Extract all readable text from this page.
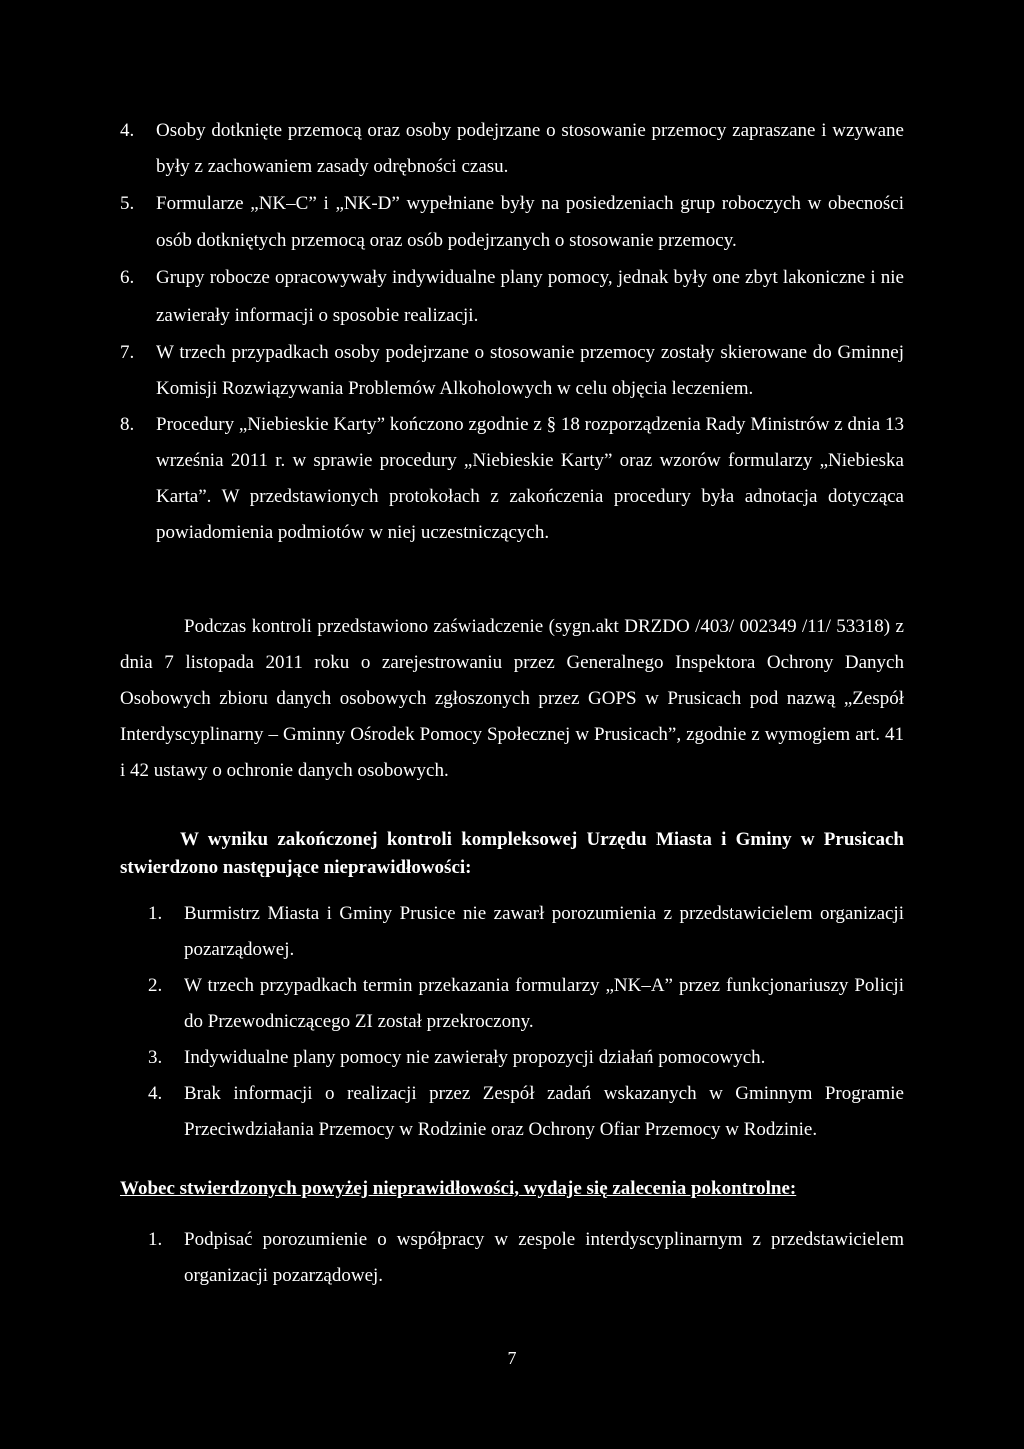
4.	Osoby dotknięte przemocą oraz osoby podejrzane o stosowanie przemocy zapraszane i wzywane były z zachowaniem zasady odrębności czasu.
5.	Formularze „NK–C” i „NK-D” wypełniane były na posiedzeniach grup roboczych w obecności osób dotkniętych przemocą oraz osób podejrzanych o stosowanie przemocy.
6.	Grupy robocze opracowywały indywidualne plany pomocy, jednak były one zbyt lakoniczne i nie zawierały informacji o sposobie realizacji.
7.	W trzech przypadkach osoby podejrzane o stosowanie przemocy zostały skierowane do Gminnej Komisji Rozwiązywania Problemów Alkoholowych w celu objęcia leczeniem.
8.	Procedury „Niebieskie Karty” kończono zgodnie z § 18 rozporządzenia Rady Ministrów z dnia 13 września 2011 r. w sprawie procedury „Niebieskie Karty” oraz wzorów formularzy „Niebieska Karta”. W przedstawionych protokołach z zakończenia procedury była adnotacja dotycząca powiadomienia podmiotów w niej uczestniczących.
Podczas kontroli przedstawiono zaświadczenie (sygn.akt DRZDO /403/ 002349 /11/ 53318) z dnia 7 listopada 2011 roku o zarejestrowaniu przez Generalnego Inspektora Ochrony Danych Osobowych zbioru danych osobowych zgłoszonych przez GOPS w Prusicach pod nazwą „Zespół Interdyscyplinarny – Gminny Ośrodek Pomocy Społecznej w Prusicach”, zgodnie z wymogiem art. 41 i 42 ustawy o ochronie danych osobowych.
W wyniku zakończonej kontroli kompleksowej Urzędu Miasta i Gminy w Prusicach stwierdzono następujące nieprawidłowości:
1.	Burmistrz Miasta i Gminy Prusice nie zawarł porozumienia z przedstawicielem organizacji pozarządowej.
2.	W trzech przypadkach termin przekazania formularzy „NK–A” przez funkcjonariuszy Policji do Przewodniczącego ZI został przekroczony.
3.	Indywidualne plany pomocy nie zawierały propozycji działań pomocowych.
4.	Brak informacji o realizacji przez Zespół zadań wskazanych w Gminnym Programie Przeciwdziałania Przemocy w Rodzinie oraz Ochrony Ofiar Przemocy w Rodzinie.
Wobec stwierdzonych powyżej nieprawidłowości, wydaje się zalecenia pokontrolne:
1.	Podpisać porozumienie o współpracy w zespole interdyscyplinarnym z przedstawicielem organizacji pozarządowej.
7
